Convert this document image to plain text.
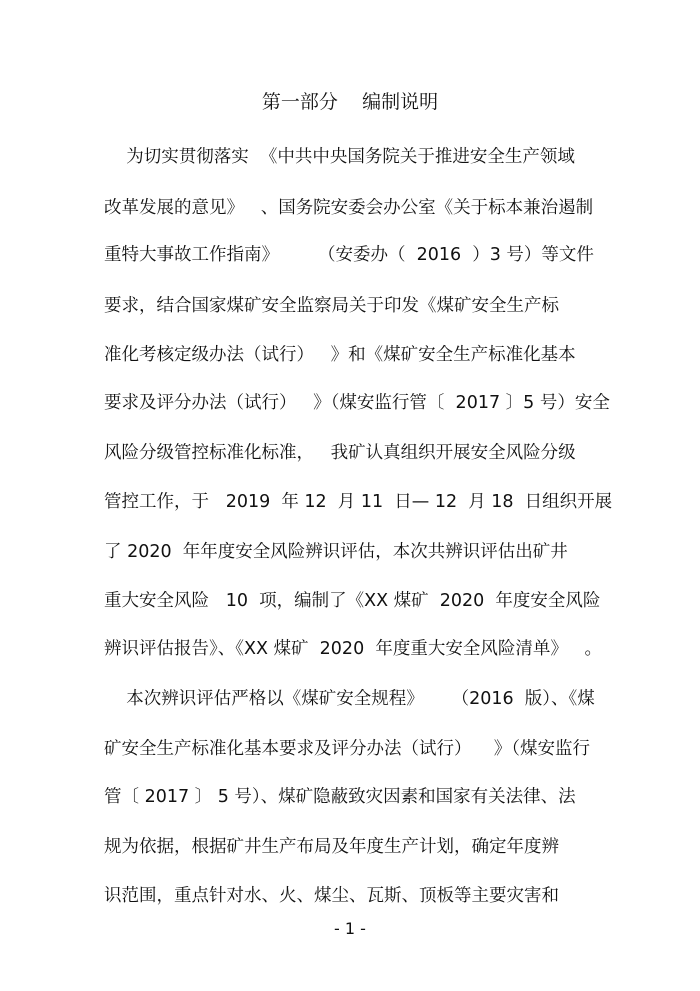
第一部分    编制说明
为切实贯彻落实  《中共中央国务院关于推进安全生产领域
改革发展的意见》   、国务院安委会办公室《关于标本兼治遏制
重特大事故工作指南》       （安委办（  2016  ）3 号）等文件
要求，结合国家煤矿安全监察局关于印发《煤矿安全生产标
准化考核定级办法（试行）   》和《煤矿安全生产标准化基本
要求及评分办法（试行）   》（煤安监行管〔  2017 〕5 号）安全
风险分级管控标准化标准，   我矿认真组织开展安全风险分级
管控工作，于   2019  年 12  月 11  日— 12  月 18  日组织开展
了 2020  年年度安全风险辨识评估，本次共辨识评估出矿井
重大安全风险   10  项，编制了《XX 煤矿  2020  年度安全风险
辨识评估报告》、《XX 煤矿  2020  年度重大安全风险清单》   。
本次辨识评估严格以《煤矿安全规程》     （2016  版）、《煤
矿安全生产标准化基本要求及评分办法（试行）    》（煤安监行
管〔 2017 〕 5 号）、煤矿隐蔽致灾因素和国家有关法律、法
规为依据，根据矿井生产布局及年度生产计划，确定年度辨
识范围，重点针对水、火、煤尘、瓦斯、顶板等主要灾害和
- 1 -
